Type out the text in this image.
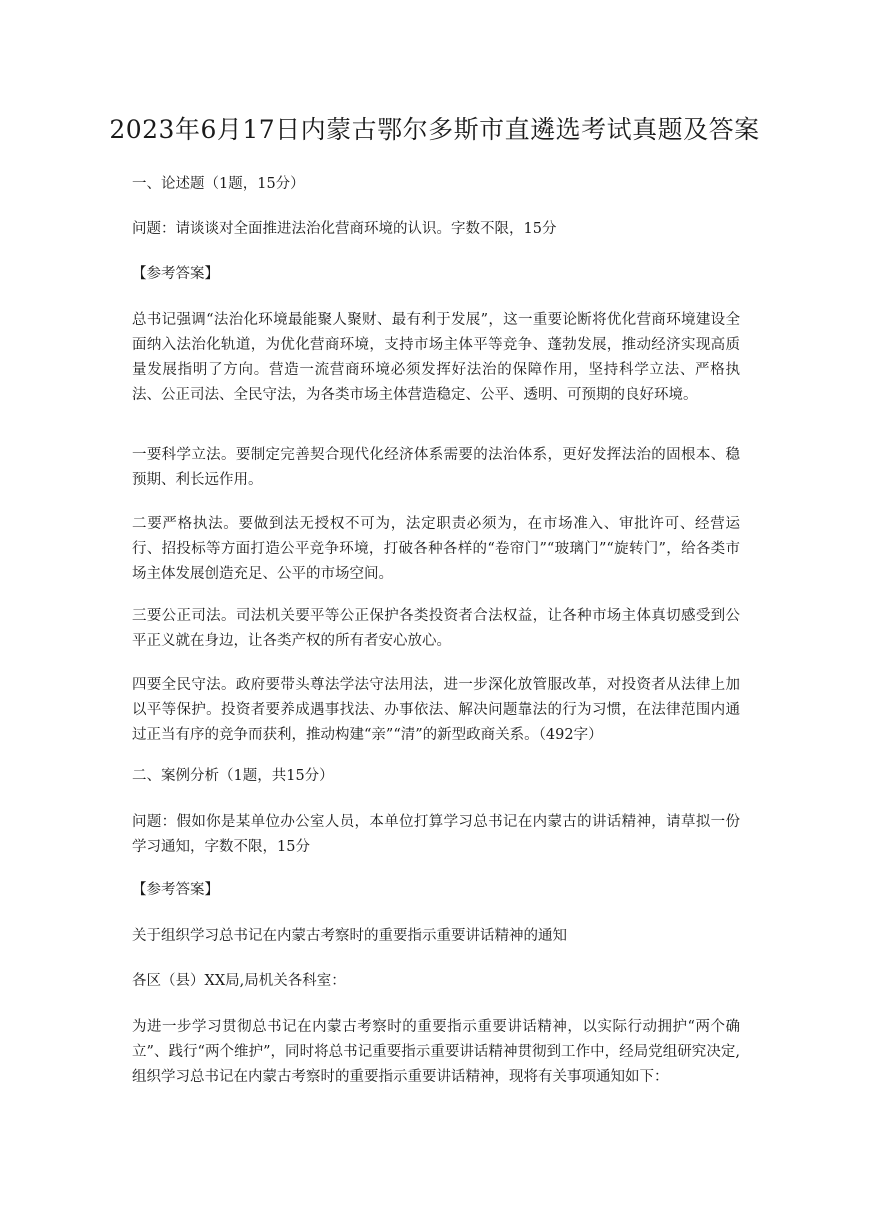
2023年6月17日内蒙古鄂尔多斯市直遴选考试真题及答案

一、论述题（1题，15分）

问题：请谈谈对全面推进法治化营商环境的认识。字数不限，15分

【参考答案】

总书记强调“法治化环境最能聚人聚财、最有利于发展”，这一重要论断将优化营商环境建设全面纳入法治化轨道，为优化营商环境，支持市场主体平等竞争、蓬勃发展，推动经济实现高质量发展指明了方向。营造一流营商环境必须发挥好法治的保障作用，坚持科学立法、严格执法、公正司法、全民守法，为各类市场主体营造稳定、公平、透明、可预期的良好环境。

一要科学立法。要制定完善契合现代化经济体系需要的法治体系，更好发挥法治的固根本、稳预期、利长远作用。

二要严格执法。要做到法无授权不可为，法定职责必须为，在市场准入、审批许可、经营运行、招投标等方面打造公平竞争环境，打破各种各样的“卷帘门”“玻璃门”“旋转门”，给各类市场主体发展创造充足、公平的市场空间。

三要公正司法。司法机关要平等公正保护各类投资者合法权益，让各种市场主体真切感受到公平正义就在身边，让各类产权的所有者安心放心。

四要全民守法。政府要带头尊法学法守法用法，进一步深化放管服改革，对投资者从法律上加以平等保护。投资者要养成遇事找法、办事依法、解决问题靠法的行为习惯，在法律范围内通过正当有序的竞争而获利，推动构建“亲”“清”的新型政商关系。（492字）

二、案例分析（1题，共15分）

问题：假如你是某单位办公室人员，本单位打算学习总书记在内蒙古的讲话精神，请草拟一份学习通知，字数不限，15分

【参考答案】

关于组织学习总书记在内蒙古考察时的重要指示重要讲话精神的通知

各区（县）XX局,局机关各科室：

为进一步学习贯彻总书记在内蒙古考察时的重要指示重要讲话精神，以实际行动拥护“两个确立”、践行“两个维护”，同时将总书记重要指示重要讲话精神贯彻到工作中，经局党组研究决定,组织学习总书记在内蒙古考察时的重要指示重要讲话精神，现将有关事项通知如下：
